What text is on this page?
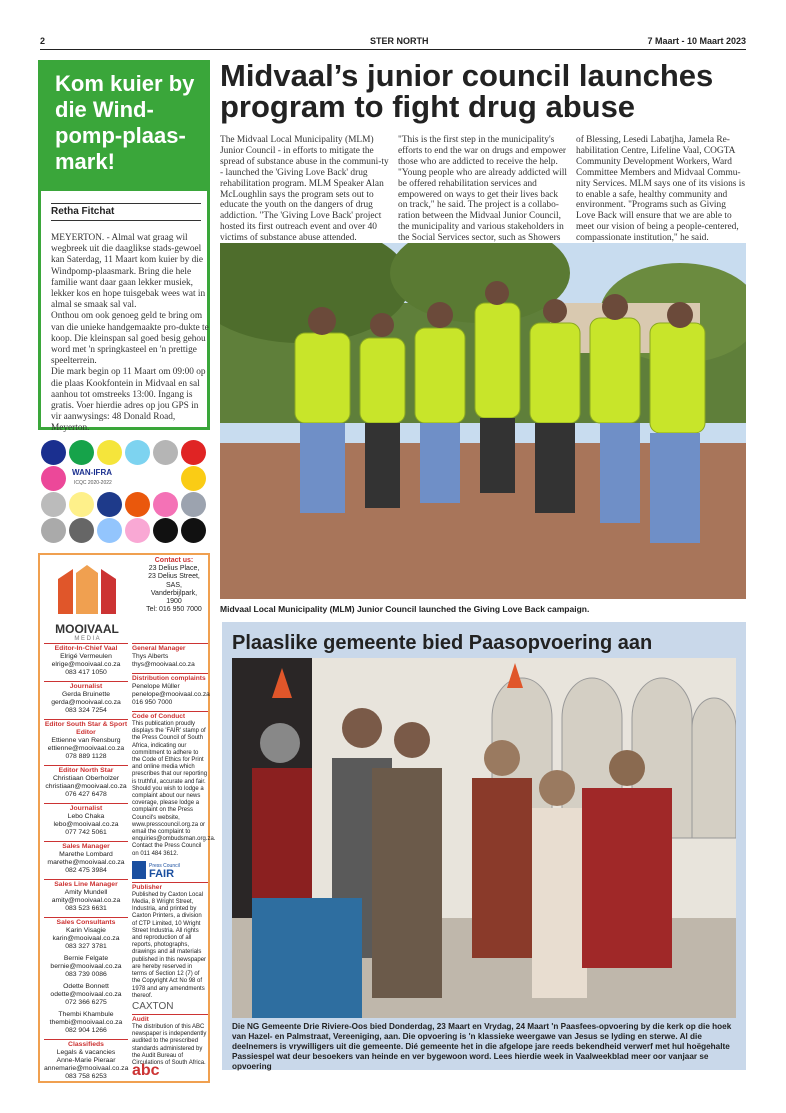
2	STER NORTH	7 Maart - 10 Maart 2023
Kom kuier by die Wind-pomp-plaas-mark!
Retha Fitchat

MEYERTON. - Almal wat graag wil wegbreek uit die daaglikse stads-gewoel kan Saterdag, 11 Maart kom kuier by die Windpomp-plaasmark. Bring die hele familie want daar gaan lekker musiek, lekker kos en hope tuisgebak wees wat in almal se smaak sal val.

Onthou om ook genoeg geld te bring om van die unieke handgemaakte pro-dukte te koop. Die kleinspan sal goed besig gehou word met 'n springkasteel en 'n prettige speelterrein.

Die mark begin op 11 Maart om 09:00 op die plaas Kookfontein in Midvaal en sal aanhou tot omstreeks 13:00. Ingang is gratis. Voer hierdie adres op jou GPS in vir aanwysings: 48 Donald Road, Meyerton.

WAN-IFRA
ICQC 2020-2022
Midvaal’s junior council launches program to fight drug abuse
The Midvaal Local Municipality (MLM) Junior Council - in efforts to mitigate the spread of substance abuse in the communi-ty - launched the 'Giving Love Back' drug rehabilitation program. MLM Speaker Alan McLoughlin says the program sets out to educate the youth on the dangers of drug addiction. "The 'Giving Love Back' project hosted its first outreach event and over 40 victims of substance abuse attended.
"This is the first step in the municipality's efforts to end the war on drugs and empower those who are addicted to receive the help. "Young people who are already addicted will be offered rehabilitation services and empowered on ways to get their lives back on track," he said. The project is a collabo-ration between the Midvaal Junior Council, the municipality and various stakeholders in the Social Services sector, such as Showers
of Blessing, Lesedi Labatjha, Jamela Re-habilitation Centre, Lifeline Vaal, COGTA Community Development Workers, Ward Committee Members and Midvaal Commu-nity Services. MLM says one of its visions is to enable a safe, healthy community and environment. "Programs such as Giving Love Back will ensure that we are able to meet our vision of being a people-centered, compassionate institution," he said.
Midvaal Local Municipality (MLM) Junior Council launched the Giving Love Back campaign.
Plaaslike gemeente bied Paasopvoering aan
Die NG Gemeente Drie Riviere-Oos bied Donderdag, 23 Maart en Vrydag, 24 Maart 'n Paasfees-opvoering by die kerk op die hoek van Hazel- en Palmstraat, Vereeniging, aan. Die opvoering is 'n klassieke weergawe van Jesus se lyding en sterwe. Al die deelnemers is vrywilligers uit die gemeente. Dié gemeente het in die afgelope jare reeds bekendheid verwerf met hul hoëgehalte Passiespel wat deur besoekers van heinde en ver bygewoon word. Lees hierdie week in Vaalweekblad meer oor vanjaar se opvoering
MOOIVAAL
M E D I A
Contact us:
23 Delius Place,
23 Delius Street,
SAS,
Vanderbijlpark,
1900
Tel: 016 950 7000
Editor-In-Chief Vaal
Elrigé Vermeulen
elrige@mooivaal.co.za
083 417 1050
Journalist
Gerda Bruinette
gerda@mooivaal.co.za
083 324 7254
Editor South Star & Sport Editor
Ettienne van Rensburg
ettienne@mooivaal.co.za
078 889 1128
Editor North Star
Christiaan Oberholzer
christiaan@mooivaal.co.za
076 427 6478
Journalist
Lebo Chaka
lebo@mooivaal.co.za
077 742 5061
Sales Manager
Marethe Lombard
marethe@mooivaal.co.za
082 475 3984
Sales Line Manager
Amity Mundell
amity@mooivaal.co.za
083 523 6631
Sales Consultants
Karin Visagie
karin@mooivaal.co.za
083 327 3781
Bernie Felgate
bernie@mooivaal.co.za
083 739 0086
Odette Bonnett
odette@mooivaal.co.za
072 366 6275
Thembi Khambule
thembi@mooivaal.co.za
082 904 1266
Classifieds
Legals & vacancies
Anne-Marie Pieraar
annemarie@mooivaal.co.za
083 758 6253
General Manager
Thys Alberts
thys@mooivaal.co.za
Distribution complaints
Penelope Müller
penelope@mooivaal.co.za
016 950 7000
Code of Conduct
This publication proudly displays the 'FAIR' stamp of the Press Council of South Africa, indicating our commitment to adhere to the Code of Ethics for Print and online media which prescribes that our reporting is truthful, accurate and fair. Should you wish to lodge a complaint about our news coverage, please lodge a complaint on the Press Council's website, www.presscouncil.org.za or email the complaint to enquiries@ombudsman.org.za. Contact the Press Council on 011 484 3612.
Press Council
FAIR
Publisher
Published by Caxton Local Media, 8 Wright Street, Industria, and printed by Caxton Printers, a division of CTP Limited, 10 Wright Street Industria. All rights and reproduction of all reports, photographs, drawings and all materials published in this newspaper are hereby reserved in terms of Section 12 (7) of the Copyright Act No 98 of 1978 and any amendments thereof.
CAXTON
Audit
The distribution of this ABC newspaper is independently audited to the prescribed standards administered by the Audit Bureau of Circulations of South Africa.
abc
